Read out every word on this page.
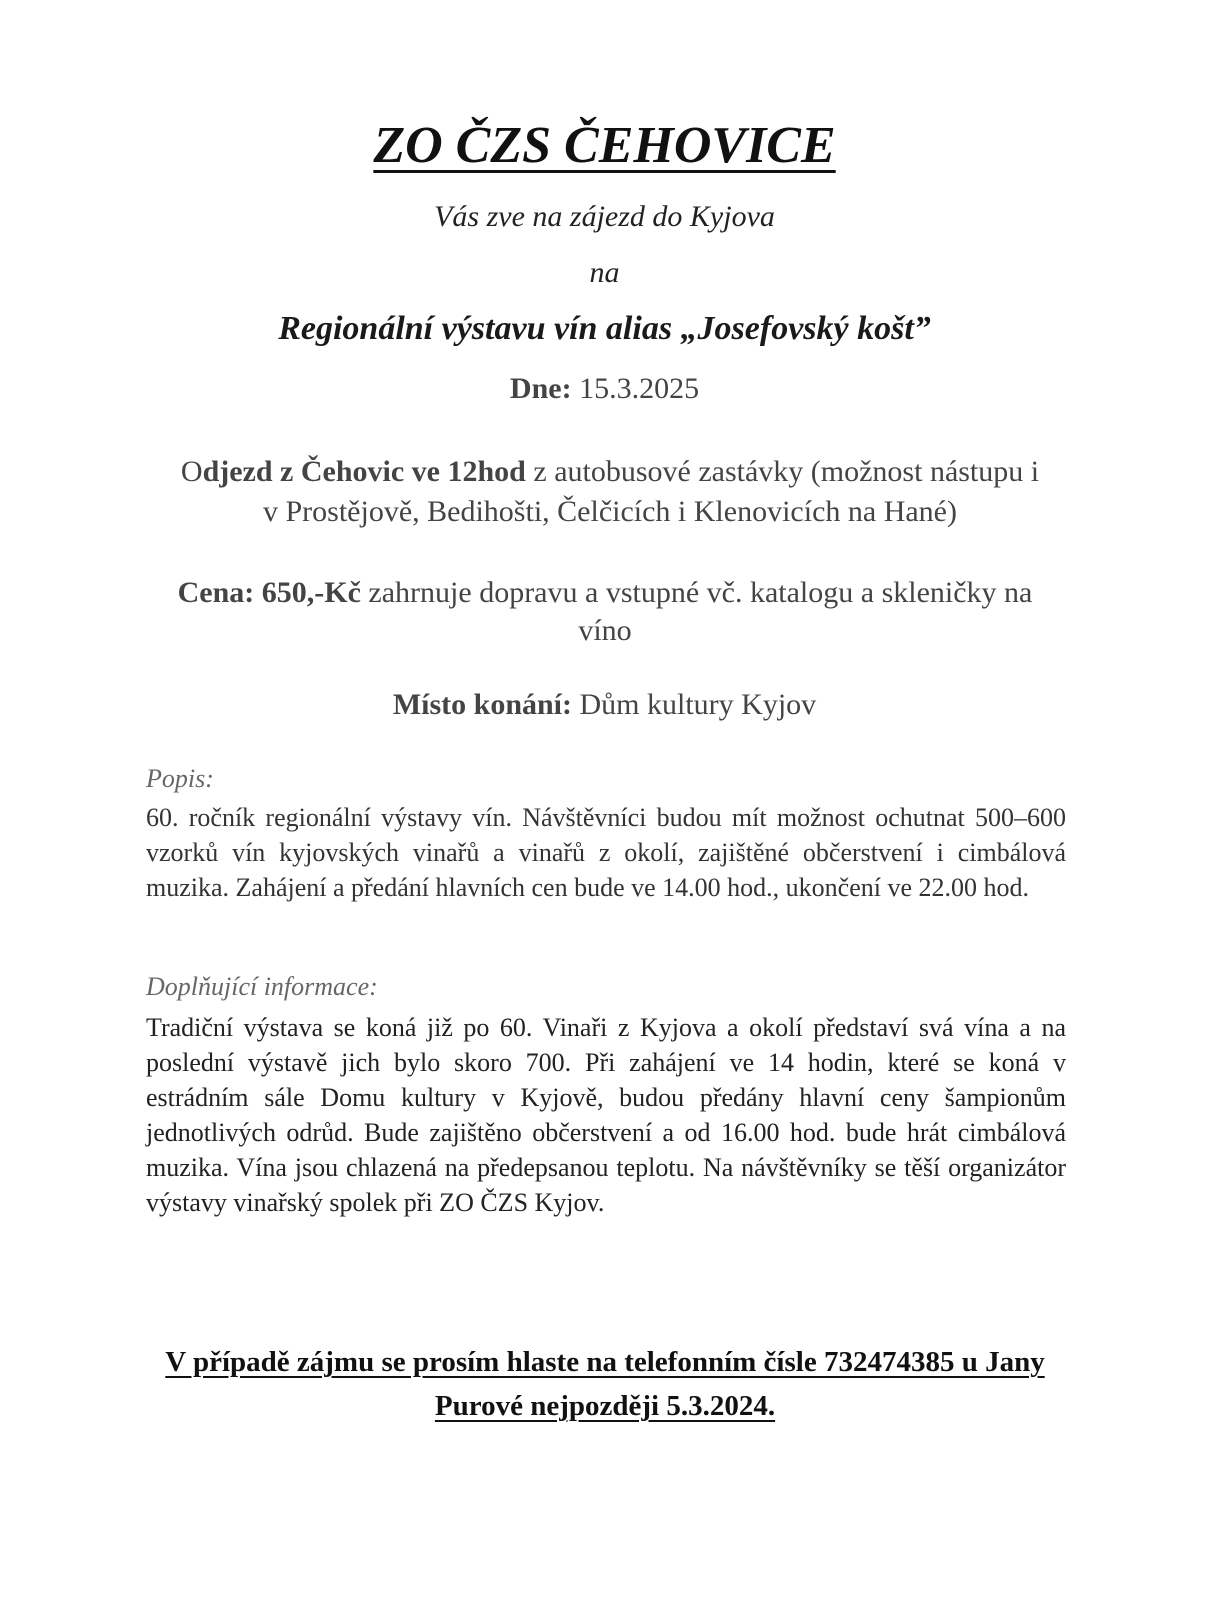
ZO ČZS ČEHOVICE
Vás zve na zájezd do Kyjova
na
Regionální výstavu vín alias „Josefovský košt”
Dne: 15.3.2025
Odjezd z Čehovic ve 12hod z autobusové zastávky (možnost nástupu i v Prostějově, Bedihošti, Čelčicích i Klenovicích na Hané)
Cena: 650,-Kč zahrnuje dopravu a vstupné vč. katalogu a skleničky na víno
Místo konání: Dům kultury Kyjov
Popis:
60. ročník regionální výstavy vín. Návštěvníci budou mít možnost ochutnat 500–600 vzorků vín kyjovských vinařů a vinařů z okolí, zajištěné občerstvení i cimbálová muzika. Zahájení a předání hlavních cen bude ve 14.00 hod., ukončení ve 22.00 hod.
Doplňující informace:
Tradiční výstava se koná již po 60. Vinaři z Kyjova a okolí představí svá vína a na poslední výstavě jich bylo skoro 700. Při zahájení ve 14 hodin, které se koná v estrádním sále Domu kultury v Kyjově, budou předány hlavní ceny šampionům jednotlivých odrůd. Bude zajištěno občerstvení a od 16.00 hod. bude hrát cimbálová muzika. Vína jsou chlazená na předepsanou teplotu. Na návštěvníky se těší organizátor výstavy vinařský spolek při ZO ČZS Kyjov.
V případě zájmu se prosím hlaste na telefonním čísle 732474385 u Jany Purové nejpozději 5.3.2024.
